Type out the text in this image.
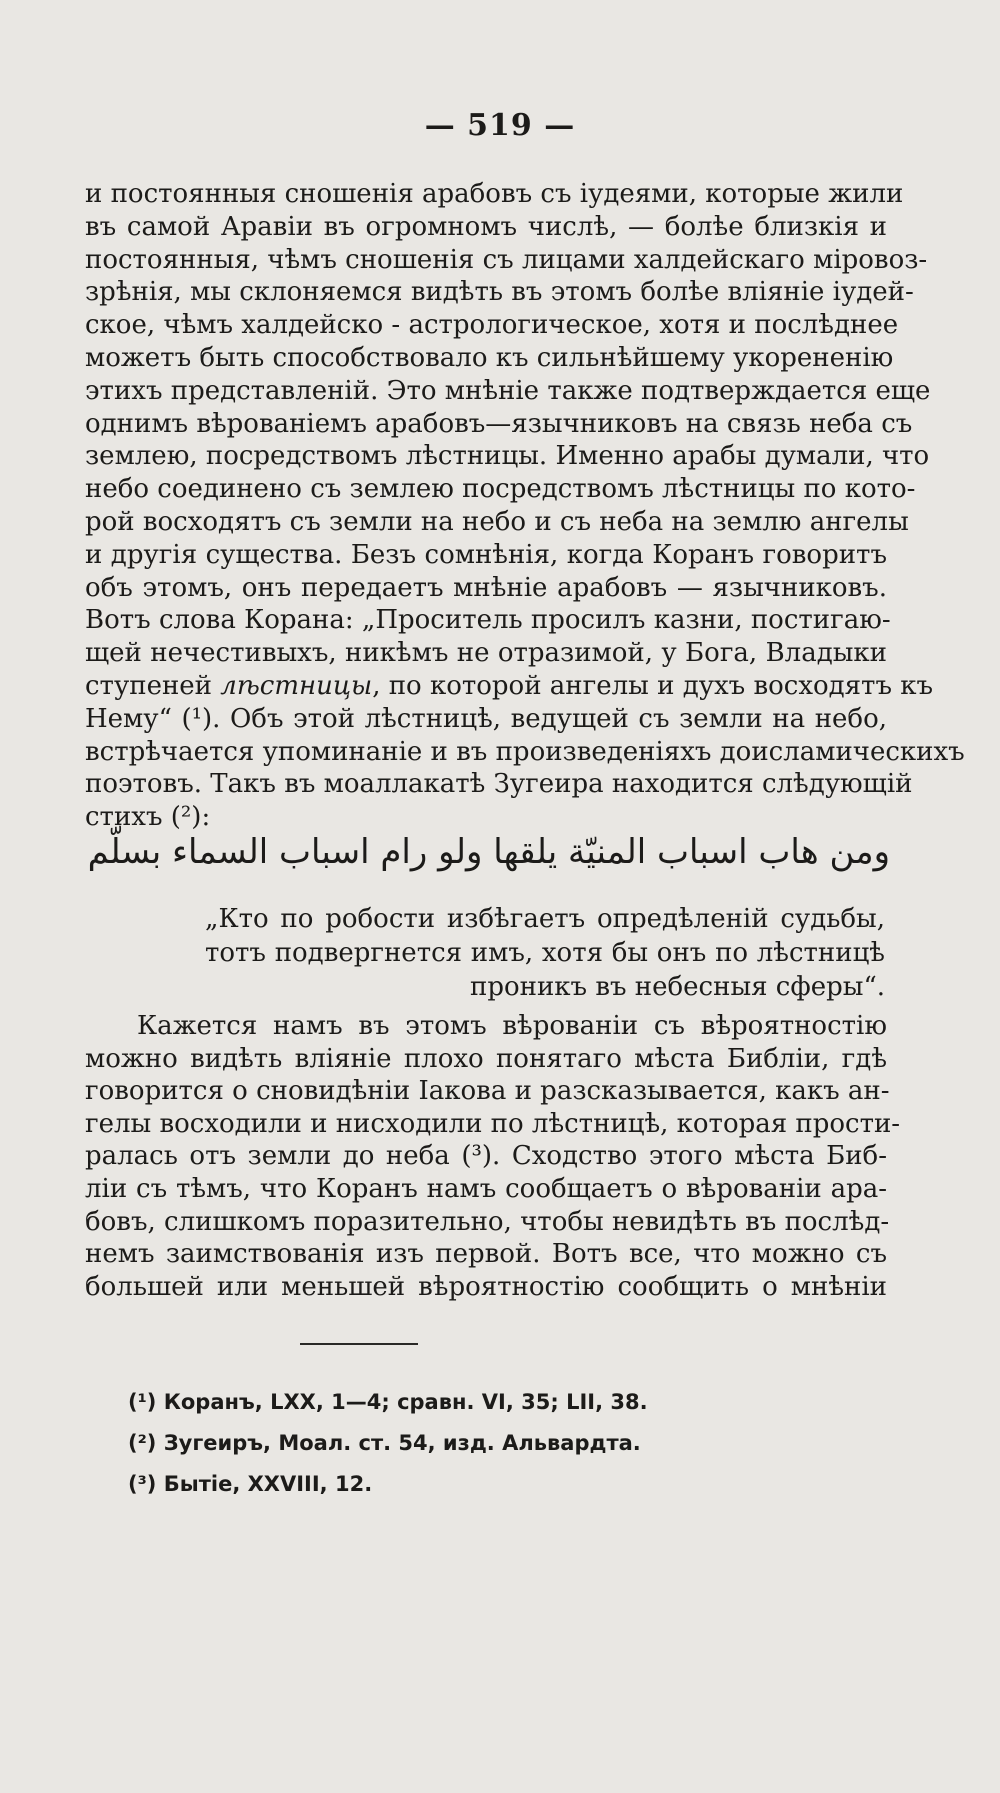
— 519 —
и постоянныя сношенія арабовъ съ іудеями, которые жили
въ самой Аравіи въ огромномъ числѣ, — болѣе близкія и
постоянныя, чѣмъ сношенія съ лицами халдейскаго міровоз-
зрѣнія, мы склоняемся видѣть въ этомъ болѣе вліяніе іудей-
ское, чѣмъ халдейско - астрологическое, хотя и послѣднее
можетъ быть способствовало къ сильнѣйшему укорененію
этихъ представленій. Это мнѣніе также подтверждается еще
однимъ вѣрованіемъ арабовъ—язычниковъ на связь неба съ
землею, посредствомъ лѣстницы. Именно арабы думали, что
небо соединено съ землею посредствомъ лѣстницы по кото-
рой восходятъ съ земли на небо и съ неба на землю ангелы
и другія существа. Безъ сомнѣнія, когда Коранъ говоритъ
объ этомъ, онъ передаетъ мнѣніе арабовъ — язычниковъ.
Вотъ слова Корана: „Проситель просилъ казни, постигаю-
щей нечестивыхъ, никѣмъ не отразимой, у Бога, Владыки
ступеней лѣстницы, по которой ангелы и духъ восходятъ къ
Нему“ (¹). Объ этой лѣстницѣ, ведущей съ земли на небо,
встрѣчается упоминаніе и въ произведеніяхъ доисламическихъ
поэтовъ. Такъ въ моаллакатѣ Зугеира находится слѣдующій
стихъ (²):
ومن هاب اسباب المنيّة يلقها ولو رام اسباب السماء بسلّم
„Кто по робости избѣгаетъ опредѣленій судьбы,
тотъ подвергнется имъ, хотя бы онъ по лѣстницѣ
проникъ въ небесныя сферы“.
Кажется намъ въ этомъ вѣрованіи съ вѣроятностію
можно видѣть вліяніе плохо понятаго мѣста Библіи, гдѣ
говорится о сновидѣніи Іакова и разсказывается, какъ ан-
гелы восходили и нисходили по лѣстницѣ, которая прости-
ралась отъ земли до неба (³). Сходство этого мѣста Биб-
ліи съ тѣмъ, что Коранъ намъ сообщаетъ о вѣрованіи ара-
бовъ, слишкомъ поразительно, чтобы невидѣть въ послѣд-
немъ заимствованія изъ первой. Вотъ все, что можно съ
большей или меньшей вѣроятностію сообщить о мнѣніи
(¹) Коранъ, LXX, 1—4; сравн. VI, 35; LII, 38.
(²) Зугеиръ, Моал. ст. 54, изд. Альвардта.
(³) Бытіе, XXVIII, 12.
